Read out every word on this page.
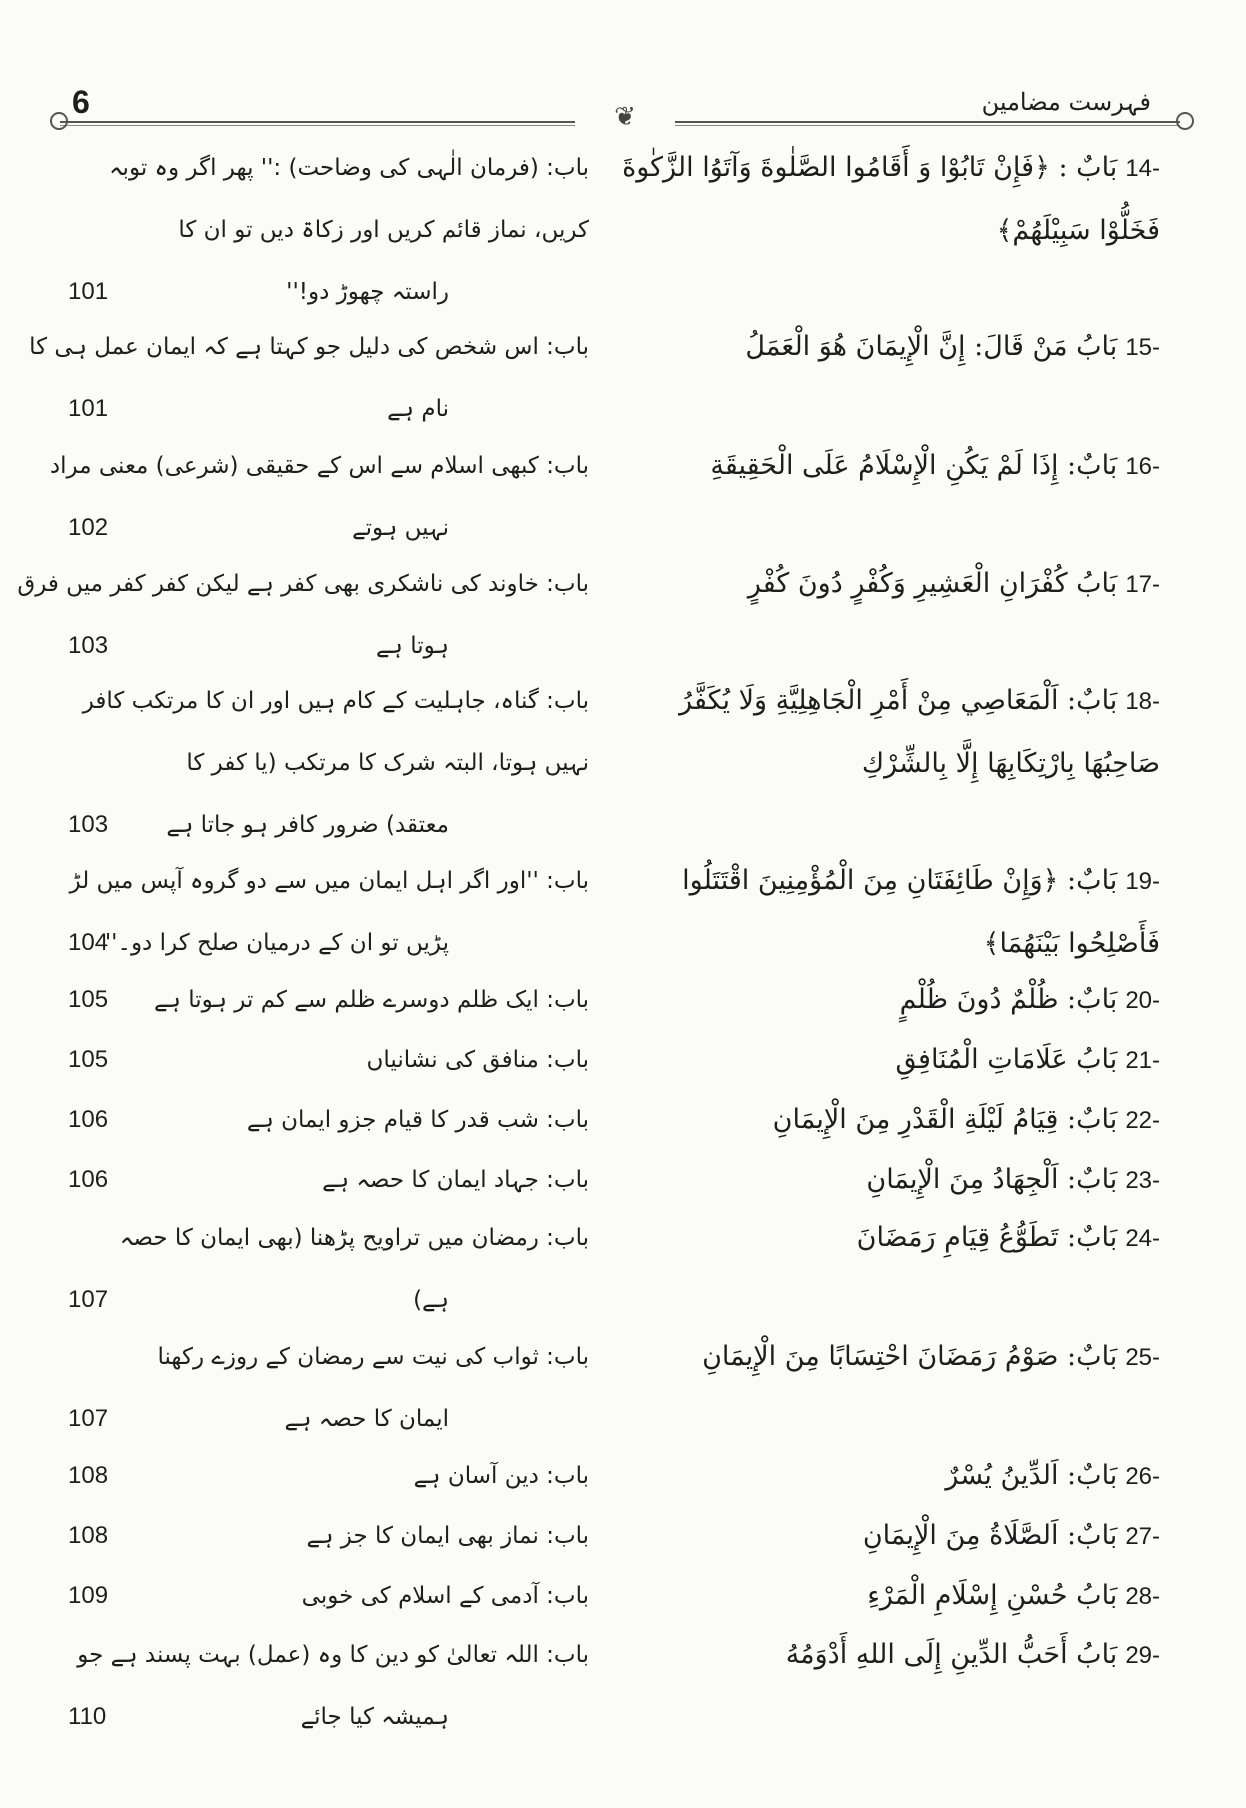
فہرست مضامین
6	❦
14-بَابٌ : ﴿فَإِنْ تَابُوْا وَ أَقَامُوا الصَّلٰوةَ وَآتَوُا الزَّكٰوةَ
فَخَلُّوْا سَبِيْلَهُمْ﴾
باب: (فرمان الٰہی کی وضاحت) :'' پھر اگر وہ توبہ
کریں، نماز قائم کریں اور زکاۃ دیں تو ان کا
راستہ چھوڑ دو!''
101
15-بَابُ مَنْ قَالَ: إِنَّ الْإِيمَانَ هُوَ الْعَمَلُ
باب: اس شخص کی دلیل جو کہتا ہے کہ ایمان عمل ہی کا
نام ہے
101
16-بَابٌ: إِذَا لَمْ يَكُنِ الْإِسْلَامُ عَلَى الْحَقِيقَةِ
باب: کبھی اسلام سے اس کے حقیقی (شرعی) معنی مراد
نہیں ہوتے
102
17-بَابُ كُفْرَانِ الْعَشِيرِ وَكُفْرٍ دُونَ كُفْرٍ
باب: خاوند کی ناشکری بھی کفر ہے لیکن کفر کفر میں فرق
ہوتا ہے
103
18-بَابٌ: اَلْمَعَاصِي مِنْ أَمْرِ الْجَاهِلِيَّةِ وَلَا يُكَفَّرُ
صَاحِبُهَا بِارْتِكَابِهَا إِلَّا بِالشِّرْكِ
باب: گناہ، جاہلیت کے کام ہیں اور ان کا مرتکب کافر
نہیں ہوتا، البتہ شرک کا مرتکب (یا کفر کا
معتقد) ضرور کافر ہو جاتا ہے
103
19-بَابٌ: ﴿وَإِنْ طَائِفَتَانِ مِنَ الْمُؤْمِنِينَ اقْتَتَلُوا
فَأَصْلِحُوا بَيْنَهُمَا﴾
باب: ''اور اگر اہل ایمان میں سے دو گروہ آپس میں لڑ
پڑیں تو ان کے درمیان صلح کرا دو۔''
104
20-بَابٌ: ظُلْمٌ دُونَ ظُلْمٍ
باب: ایک ظلم دوسرے ظلم سے کم تر ہوتا ہے
105
21-بَابُ عَلَامَاتِ الْمُنَافِقِ
باب: منافق کی نشانیاں
105
22-بَابٌ: قِيَامُ لَيْلَةِ الْقَدْرِ مِنَ الْإِيمَانِ
باب: شب قدر کا قیام جزو ایمان ہے
106
23-بَابٌ: اَلْجِهَادُ مِنَ الْإِيمَانِ
باب: جہاد ایمان کا حصہ ہے
106
24-بَابٌ: تَطَوُّعُ قِيَامِ رَمَضَانَ
باب: رمضان میں تراویح پڑھنا (بھی ایمان کا حصہ
ہے)
107
25-بَابٌ: صَوْمُ رَمَضَانَ احْتِسَابًا مِنَ الْإِيمَانِ
باب: ثواب کی نیت سے رمضان کے روزے رکھنا
ایمان کا حصہ ہے
107
26-بَابٌ: اَلدِّينُ يُسْرٌ
باب: دین آسان ہے
108
27-بَابٌ: اَلصَّلَاةُ مِنَ الْإِيمَانِ
باب: نماز بھی ایمان کا جز ہے
108
28-بَابُ حُسْنِ إِسْلَامِ الْمَرْءِ
باب: آدمی کے اسلام کی خوبی
109
29-بَابُ أَحَبُّ الدِّينِ إِلَى اللهِ أَدْوَمُهُ
باب: اللہ تعالیٰ کو دین کا وہ (عمل) بہت پسند ہے جو
ہمیشہ کیا جائے
110
